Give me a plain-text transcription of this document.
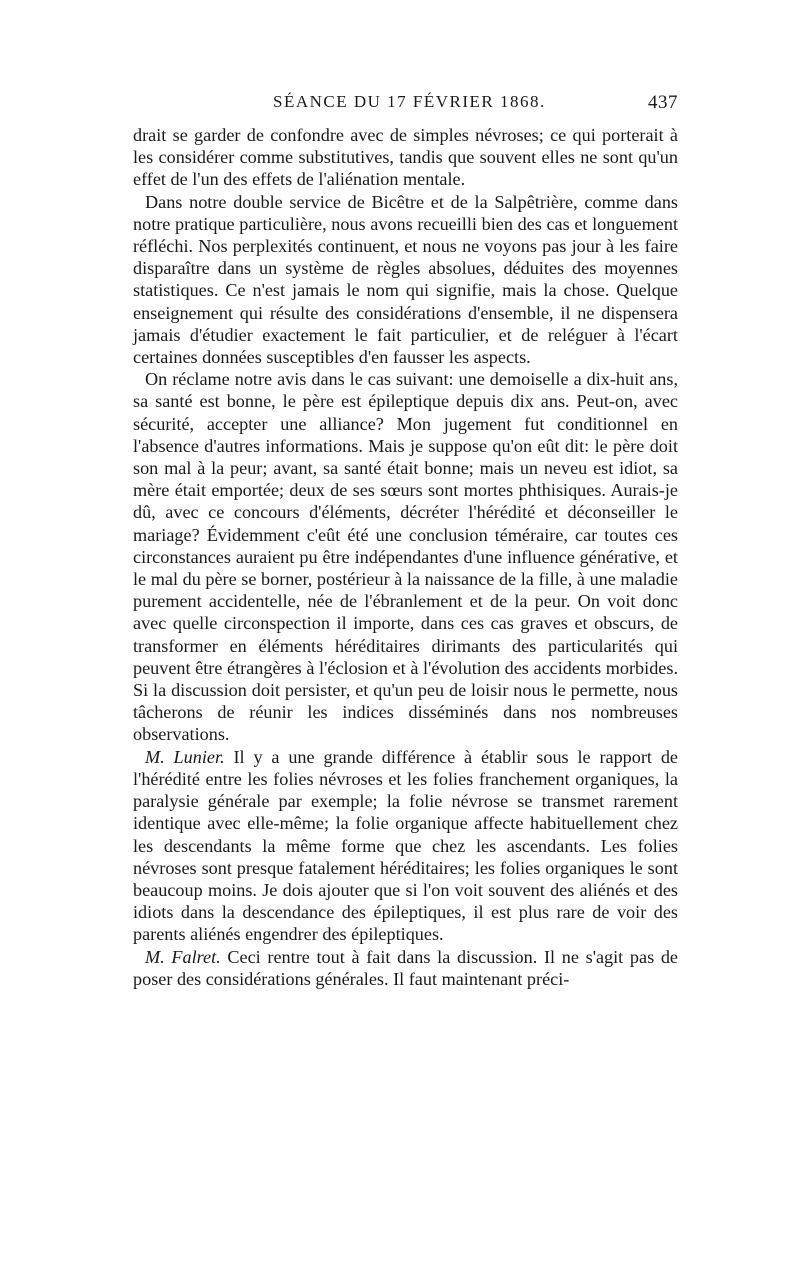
SÉANCE DU 17 FÉVRIER 1868.	437

drait se garder de confondre avec de simples névroses; ce qui porterait à les considérer comme substitutives, tandis que souvent elles ne sont qu'un effet de l'un des effets de l'aliénation mentale.

Dans notre double service de Bicêtre et de la Salpêtrière, comme dans notre pratique particulière, nous avons recueilli bien des cas et longuement réfléchi. Nos perplexités continuent, et nous ne voyons pas jour à les faire disparaître dans un système de règles absolues, déduites des moyennes statistiques. Ce n'est jamais le nom qui signifie, mais la chose. Quelque enseignement qui résulte des considérations d'ensemble, il ne dispensera jamais d'étudier exactement le fait particulier, et de reléguer à l'écart certaines données susceptibles d'en fausser les aspects.

On réclame notre avis dans le cas suivant: une demoiselle a dix-huit ans, sa santé est bonne, le père est épileptique depuis dix ans. Peut-on, avec sécurité, accepter une alliance? Mon jugement fut conditionnel en l'absence d'autres informations. Mais je suppose qu'on eût dit: le père doit son mal à la peur; avant, sa santé était bonne; mais un neveu est idiot, sa mère était emportée; deux de ses sœurs sont mortes phthisiques. Aurais-je dû, avec ce concours d'éléments, décréter l'hérédité et déconseiller le mariage? Évidemment c'eût été une conclusion téméraire, car toutes ces circonstances auraient pu être indépendantes d'une influence générative, et le mal du père se borner, postérieur à la naissance de la fille, à une maladie purement accidentelle, née de l'ébranlement et de la peur. On voit donc avec quelle circonspection il importe, dans ces cas graves et obscurs, de transformer en éléments héréditaires dirimants des particularités qui peuvent être étrangères à l'éclosion et à l'évolution des accidents morbides. Si la discussion doit persister, et qu'un peu de loisir nous le permette, nous tâcherons de réunir les indices disséminés dans nos nombreuses observations.

M. Lunier. Il y a une grande différence à établir sous le rapport de l'hérédité entre les folies névroses et les folies franchement organiques, la paralysie générale par exemple; la folie névrose se transmet rarement identique avec elle-même; la folie organique affecte habituellement chez les descendants la même forme que chez les ascendants. Les folies névroses sont presque fatalement héréditaires; les folies organiques le sont beaucoup moins. Je dois ajouter que si l'on voit souvent des aliénés et des idiots dans la descendance des épileptiques, il est plus rare de voir des parents aliénés engendrer des épileptiques.

M. Falret. Ceci rentre tout à fait dans la discussion. Il ne s'agit pas de poser des considérations générales. Il faut maintenant préci-
